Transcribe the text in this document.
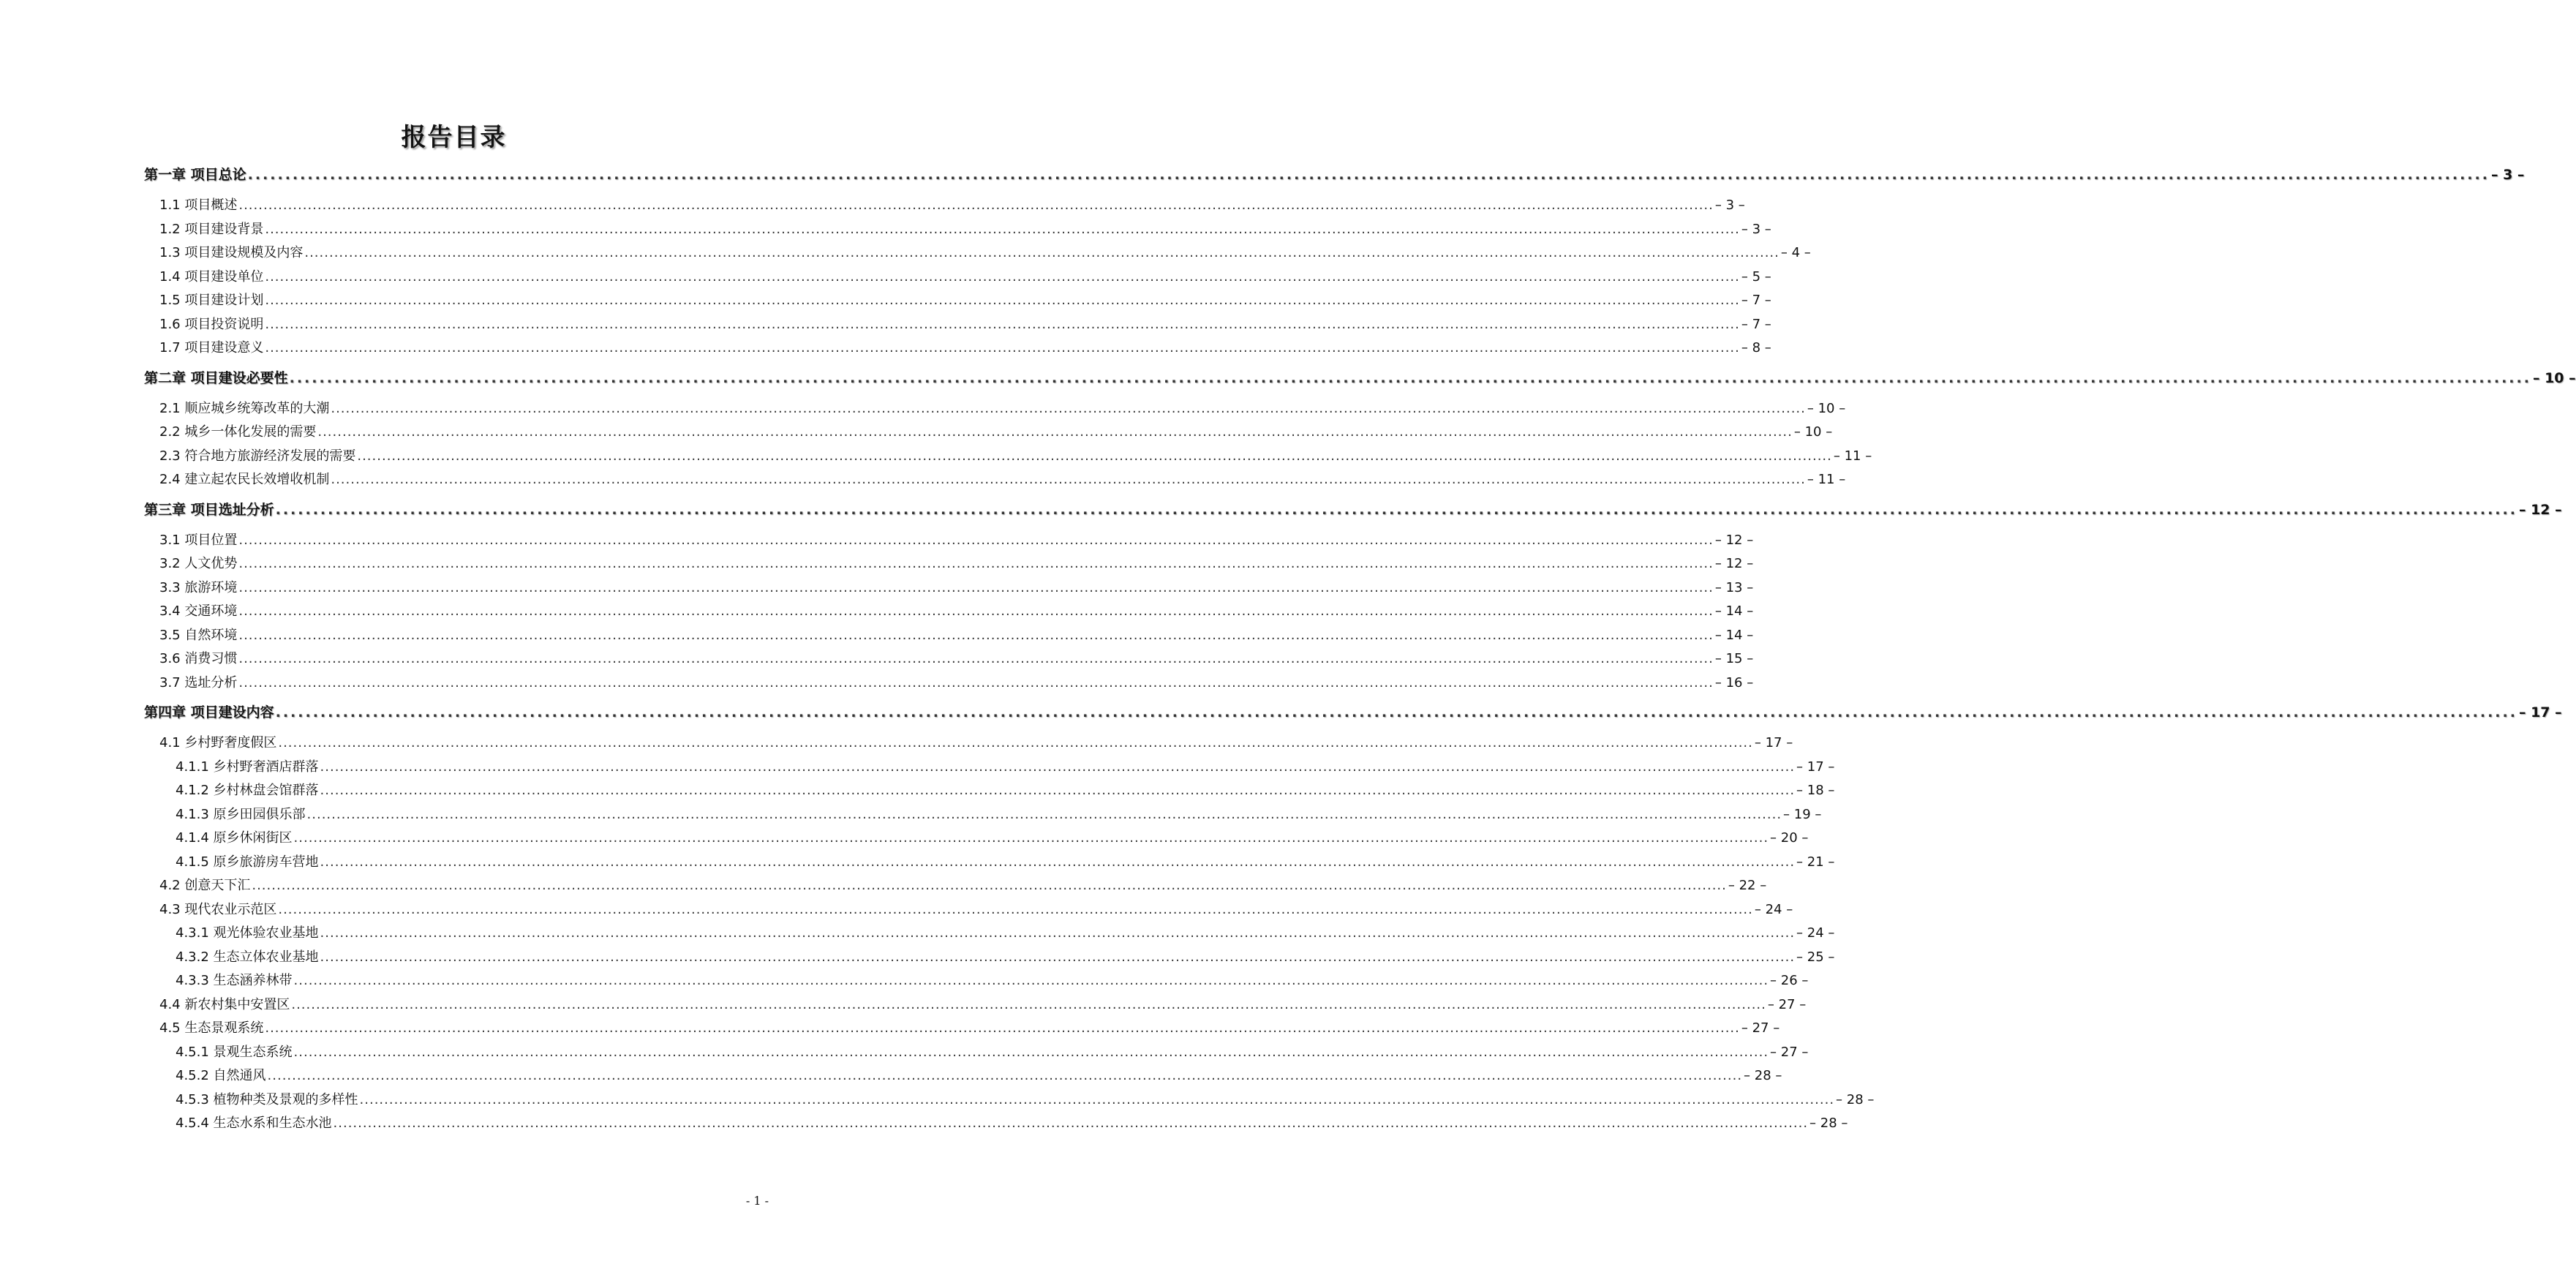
报告目录
第一章 项目总论 ............................................................................................................................................................................................................................................................................................................ – 3 –
1.1 项目概述 ............................................................................................................................................................................................................................................................................................................ – 3 –
1.2 项目建设背景 ............................................................................................................................................................................................................................................................................................................ – 3 –
1.3 项目建设规模及内容 ............................................................................................................................................................................................................................................................................................................ – 4 –
1.4 项目建设单位 ............................................................................................................................................................................................................................................................................................................ – 5 –
1.5 项目建设计划 ............................................................................................................................................................................................................................................................................................................ – 7 –
1.6 项目投资说明 ............................................................................................................................................................................................................................................................................................................ – 7 –
1.7 项目建设意义 ............................................................................................................................................................................................................................................................................................................ – 8 –
第二章 项目建设必要性 ............................................................................................................................................................................................................................................................................................................ – 10 –
2.1 顺应城乡统筹改革的大潮 ............................................................................................................................................................................................................................................................................................................ – 10 –
2.2 城乡一体化发展的需要 ............................................................................................................................................................................................................................................................................................................ – 10 –
2.3 符合地方旅游经济发展的需要 ............................................................................................................................................................................................................................................................................................................ – 11 –
2.4 建立起农民长效增收机制 ............................................................................................................................................................................................................................................................................................................ – 11 –
第三章 项目选址分析 ............................................................................................................................................................................................................................................................................................................ – 12 –
3.1 项目位置 ............................................................................................................................................................................................................................................................................................................ – 12 –
3.2 人文优势 ............................................................................................................................................................................................................................................................................................................ – 12 –
3.3 旅游环境 ............................................................................................................................................................................................................................................................................................................ – 13 –
3.4 交通环境 ............................................................................................................................................................................................................................................................................................................ – 14 –
3.5 自然环境 ............................................................................................................................................................................................................................................................................................................ – 14 –
3.6 消费习惯 ............................................................................................................................................................................................................................................................................................................ – 15 –
3.7 选址分析 ............................................................................................................................................................................................................................................................................................................ – 16 –
第四章 项目建设内容 ............................................................................................................................................................................................................................................................................................................ – 17 –
4.1 乡村野奢度假区 ............................................................................................................................................................................................................................................................................................................ – 17 –
4.1.1 乡村野奢酒店群落 ............................................................................................................................................................................................................................................................................................................ – 17 –
4.1.2 乡村林盘会馆群落 ............................................................................................................................................................................................................................................................................................................ – 18 –
4.1.3 原乡田园俱乐部 ............................................................................................................................................................................................................................................................................................................ – 19 –
4.1.4 原乡休闲街区 ............................................................................................................................................................................................................................................................................................................ – 20 –
4.1.5 原乡旅游房车营地 ............................................................................................................................................................................................................................................................................................................ – 21 –
4.2 创意天下汇 ............................................................................................................................................................................................................................................................................................................ – 22 –
4.3 现代农业示范区 ............................................................................................................................................................................................................................................................................................................ – 24 –
4.3.1 观光体验农业基地 ............................................................................................................................................................................................................................................................................................................ – 24 –
4.3.2 生态立体农业基地 ............................................................................................................................................................................................................................................................................................................ – 25 –
4.3.3 生态涵养林带 ............................................................................................................................................................................................................................................................................................................ – 26 –
4.4 新农村集中安置区 ............................................................................................................................................................................................................................................................................................................ – 27 –
4.5 生态景观系统 ............................................................................................................................................................................................................................................................................................................ – 27 –
4.5.1 景观生态系统 ............................................................................................................................................................................................................................................................................................................ – 27 –
4.5.2 自然通风 ............................................................................................................................................................................................................................................................................................................ – 28 –
4.5.3 植物种类及景观的多样性 ............................................................................................................................................................................................................................................................................................................ – 28 –
4.5.4 生态水系和生态水池 ............................................................................................................................................................................................................................................................................................................ – 28 –
- 1 -
